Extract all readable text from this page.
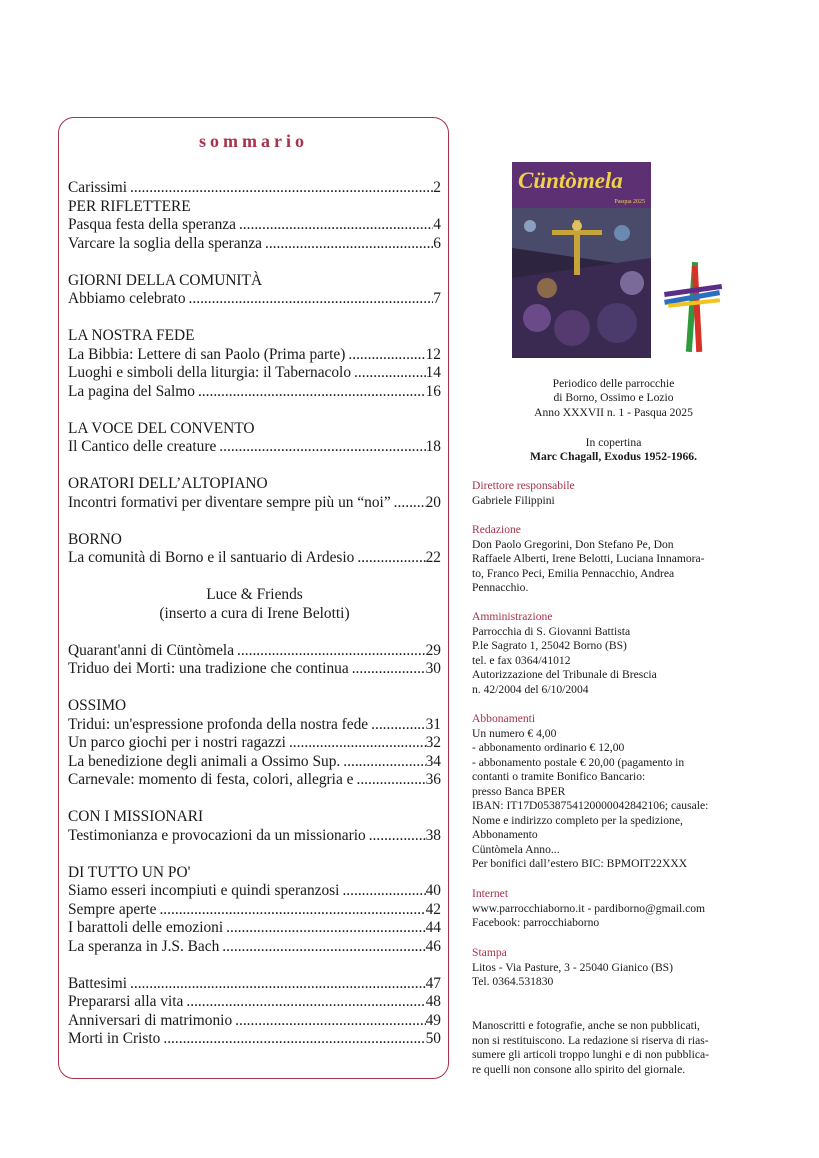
sommario
Carissimi .....	2
PER RIFLETTERE
Pasqua festa della speranza .....	4
Varcare la soglia della speranza .....	6
GIORNI DELLA COMUNITÀ
Abbiamo celebrato .....	7
LA NOSTRA FEDE
La Bibbia: Lettere di san Paolo (Prima parte) .....	12
Luoghi e simboli della liturgia: il Tabernacolo .....	14
La pagina del Salmo .....	16
LA VOCE DEL CONVENTO
Il Cantico delle creature .....	18
ORATORI DELL’ALTOPIANO
Incontri formativi per diventare sempre più un “noi” ..... 20
BORNO
La comunità di Borno e il santuario di Ardesio .....	22
Luce & Friends
(inserto a cura di Irene Belotti)
Quarant'anni di Cüntòmela .....	29
Triduo dei Morti: una tradizione che continua .....	30
OSSIMO
Tridui: un'espressione profonda della nostra fede .....	31
Un parco giochi per i nostri ragazzi .....	32
La benedizione degli animali a Ossimo Sup. .....	34
Carnevale: momento di festa, colori, allegria e .....	36
CON I MISSIONARI
Testimonianza e provocazioni da un missionario .....	38
DI TUTTO UN PO'
Siamo esseri incompiuti e quindi speranzosi .....	40
Sempre aperte .....	42
I barattoli delle emozioni .....	44
La speranza in J.S. Bach .....	46
Battesimi .....	47
Prepararsi alla vita .....	48
Anniversari di matrimonio .....	49
Morti in Cristo .....	50
Cüntòmela
Pasqua 2025
Periodico delle parrocchie
di Borno, Ossimo e Lozio
Anno XXXVII n. 1 - Pasqua 2025
In copertina
Marc Chagall, Exodus 1952-1966.
Direttore responsabile
Gabriele Filippini
Redazione
Don Paolo Gregorini, Don Stefano Pe, Don
Raffaele Alberti, Irene Belotti, Luciana Innamora-
to, Franco Peci, Emilia Pennacchio, Andrea
Pennacchio.
Amministrazione
Parrocchia di S. Giovanni Battista
P.le Sagrato 1, 25042 Borno (BS)
tel. e fax 0364/41012
Autorizzazione del Tribunale di Brescia
n. 42/2004 del 6/10/2004
Abbonamenti
Un numero € 4,00
- abbonamento ordinario € 12,00
- abbonamento postale € 20,00 (pagamento in
contanti o tramite Bonifico Bancario:
presso Banca BPER
IBAN: IT17D0538754120000042842106; causale:
Nome e indirizzo completo per la spedizione,
Abbonamento
Cüntòmela Anno...
Per bonifici dall’estero BIC: BPMOIT22XXX
Internet
www.parrocchiaborno.it - pardiborno@gmail.com
Facebook: parrocchiaborno
Stampa
Litos - Via Pasture, 3 - 25040 Gianico (BS)
Tel. 0364.531830
Manoscritti e fotografie, anche se non pubblicati,
non si restituiscono. La redazione si riserva di rias-
sumere gli articoli troppo lunghi e di non pubblica-
re quelli non consone allo spirito del giornale.
